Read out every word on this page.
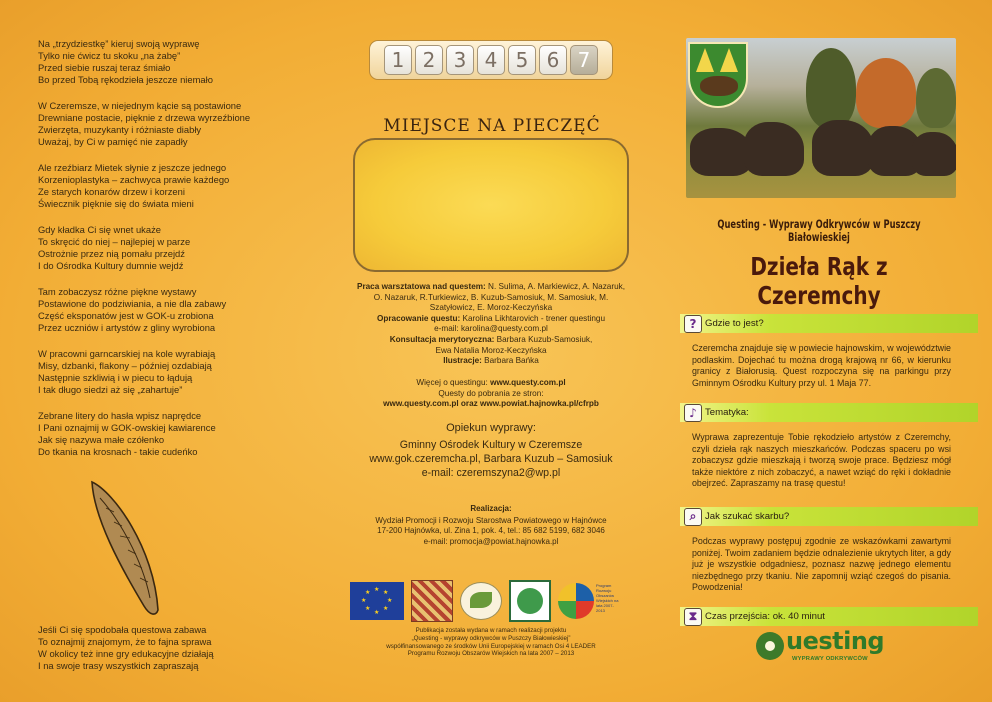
Na „trzydziestkę” kieruj swoją wyprawę
Tylko nie ćwicz tu skoku „na żabę”
Przed siebie ruszaj teraz śmiało
Bo przed Tobą rękodzieła jeszcze niemało
W Czeremsze, w niejednym kącie są postawione
Drewniane postacie, pięknie z drzewa wyrzeźbione
Zwierzęta, muzykanty i różniaste diabły
Uważaj, by Ci w pamięć nie zapadły
Ale rzeźbiarz Mietek słynie z jeszcze jednego
Korzenioplastyka – zachwyca prawie każdego
Ze starych konarów drzew i korzeni
Świecznik pięknie się do świata mieni
Gdy kładka Ci się wnet ukaże
To skręcić do niej – najlepiej w parze
Ostrożnie przez nią pomału przejdź
I do Ośrodka Kultury dumnie wejdź
Tam zobaczysz różne piękne wystawy
Postawione do podziwiania, a nie dla zabawy
Część eksponatów jest w GOK-u zrobiona
Przez uczniów i artystów z gliny wyrobiona
W pracowni garncarskiej na kole wyrabiają
Misy, dzbanki, flakony – później ozdabiają
Następnie szkliwią i w piecu to łądują
I tak długo siedzi aż się „zahartuje”
Zebrane litery do hasła wpisz naprędce
I Pani oznajmij w GOK-owskiej kawiarence
Jak się nazywa małe czółenko
Do tkania na krosnach - takie cudeńko
Jeśli Ci się spodobała questowa zabawa
To oznajmij znajomym, że to fajna sprawa
W okolicy też inne gry edukacyjne działają
I na swoje trasy wszystkich zapraszają
1 2 3 4 5 6 7
MIEJSCE NA PIECZĘĆ
Praca warsztatowa nad questem: N. Sulima, A. Markiewicz, A. Nazaruk, O. Nazaruk, R.Turkiewicz, B. Kuzub-Samosiuk, M. Samosiuk, M. Szatyłowicz, E. Moroz-Keczyńska
Opracowanie questu: Karolina Likhtarovich - trener questingu
e-mail: karolina@questy.com.pl
Konsultacja merytoryczna: Barbara Kuzub-Samosiuk,
Ewa Natalia Moroz-Keczyńska
Ilustracje: Barbara Bańka
Więcej o questingu: www.questy.com.pl
Questy do pobrania ze stron:
www.questy.com.pl oraz www.powiat.hajnowka.pl/cfrpb
Opiekun wyprawy:
Gminny Ośrodek Kultury w Czeremsze
www.gok.czeremcha.pl, Barbara Kuzub – Samosiuk
e-mail: czeremszyna2@wp.pl
Realizacja:
Wydział Promocji i Rozwoju Starostwa Powiatowego w Hajnówce
17-200 Hajnówka, ul. Zina 1, pok. 4, tel.: 85 682 5199, 682 3046
e-mail: promocja@powiat.hajnowka.pl
★ ★
★
★
★
★
★
★
Program Rozwoju Obszarów Wiejskich na lata 2007-2013
Publikacja została wydana w ramach realizacji projektu
„Questing - wyprawy odkrywców w Puszczy Białowieskiej”
współfinansowanego ze środków Unii Europejskiej w ramach Osi 4 LEADER
Programu Rozwoju Obszarów Wiejskich na lata 2007 – 2013
Questing - Wyprawy Odkrywców w Puszczy Białowieskiej
Dzieła Rąk z Czeremchy
? Gdzie to jest?
Czeremcha znajduje się w powiecie hajnowskim, w województwie podlaskim. Dojechać tu można drogą krajową nr 66, w kierunku granicy z Białorusią. Quest rozpoczyna się na parkingu przy Gminnym Ośrodku Kultury przy ul. 1 Maja 77.
♪ Tematyka:
Wyprawa zaprezentuje Tobie rękodzieło artystów z Czeremchy, czyli dzieła rąk naszych mieszkańców. Podczas spaceru po wsi zobaczysz gdzie mieszkają i tworzą swoje prace. Będziesz mógł także niektóre z nich zobaczyć, a nawet wziąć do ręki i dokładnie obejrzeć. Zapraszamy na trasę questu!
⌕ Jak szukać skarbu?
Podczas wyprawy postępuj zgodnie ze wskazówkami zawartymi poniżej. Twoim zadaniem będzie odnalezienie ukrytych liter, a gdy już je wszystkie odgadniesz, poznasz nazwę jednego elementu niezbędnego przy tkaniu. Nie zapomnij wziąć czegoś do pisania. Powodzenia!
⧗ Czas przejścia: ok. 40 minut
uesting
WYPRAWY ODKRYWCÓW
